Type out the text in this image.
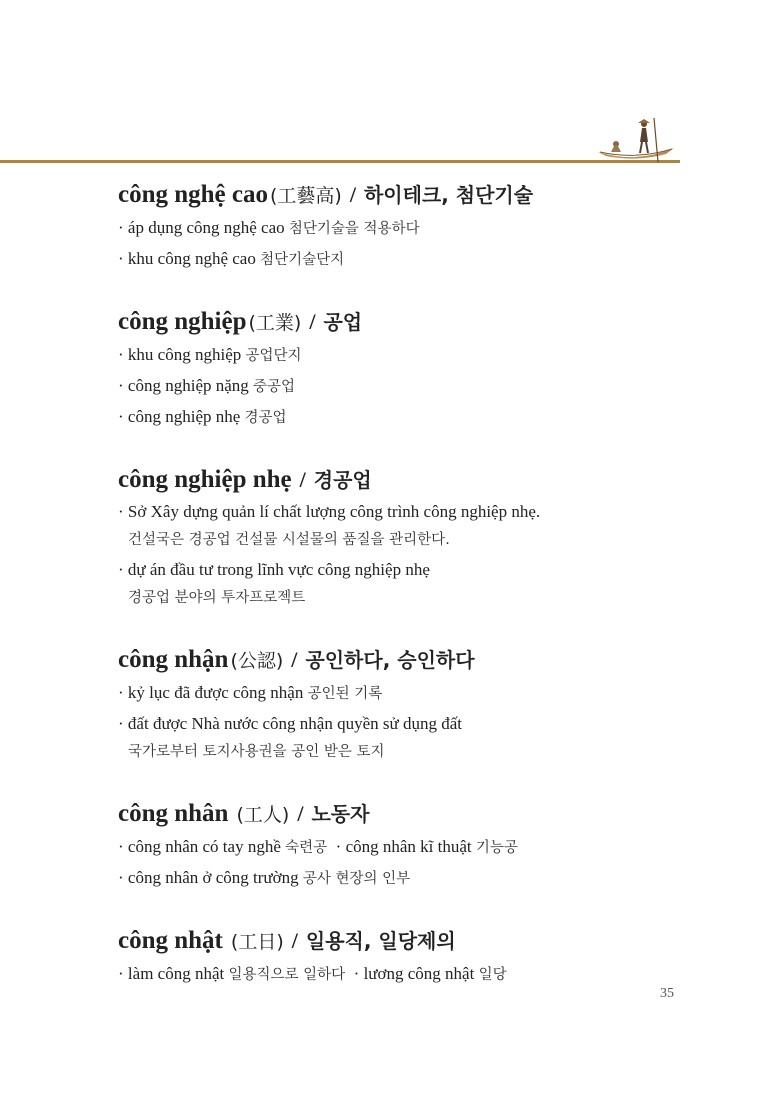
công nghệ cao (工藝高) / 하이테크, 첨단기술
· áp dụng công nghệ cao 첨단기술을 적용하다
· khu công nghệ cao 첨단기술단지
công nghiệp (工業) / 공업
· khu công nghiệp 공업단지
· công nghiệp nặng 중공업
· công nghiệp nhẹ 경공업
công nghiệp nhẹ / 경공업
· Sở Xây dựng quản lí chất lượng công trình công nghiệp nhẹ.
건설국은 경공업 건설물 시설물의 품질을 관리한다.
· dự án đầu tư trong lĩnh vực công nghiệp nhẹ
경공업 분야의 투자프로젝트
công nhận (公認) / 공인하다, 승인하다
· kỷ lục đã được công nhận 공인된 기록
· đất được Nhà nước công nhận quyền sử dụng đất
국가로부터 토지사용권을 공인 받은 토지
công nhân (工人) / 노동자
· công nhân có tay nghề 숙련공 · công nhân kĩ thuật 기능공
· công nhân ở công trường 공사 현장의 인부
công nhật (工日) / 일용직, 일당제의
· làm công nhật 일용직으로 일하다 · lương công nhật 일당
35
